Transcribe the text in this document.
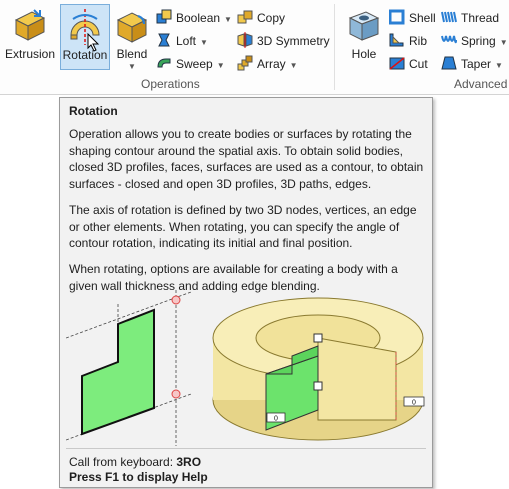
Extrusion Rotation Blend
▼
Boolean ▼
Loft ▼
Sweep ▼
Copy
3D Symmetry
Array ▼
Operations
Hole
Shell
Rib
Cut
Thread
Spring ▼
Taper ▼
Advanced
Rotation

Operation allows you to create bodies or surfaces by rotating the shaping contour around the spatial axis. To obtain solid bodies, closed 3D profiles, faces, surfaces are used as a contour, to obtain surfaces - closed and open 3D profiles, 3D paths, edges.

The axis of rotation is defined by two 3D nodes, vertices, an edge or other elements. When rotating, you can specify the angle of contour rotation, indicating its initial and final position.

When rotating, options are available for creating a body with a given wall thickness and adding edge blending.

0
0
Call from keyboard: 3RO
Press F1 to display Help
